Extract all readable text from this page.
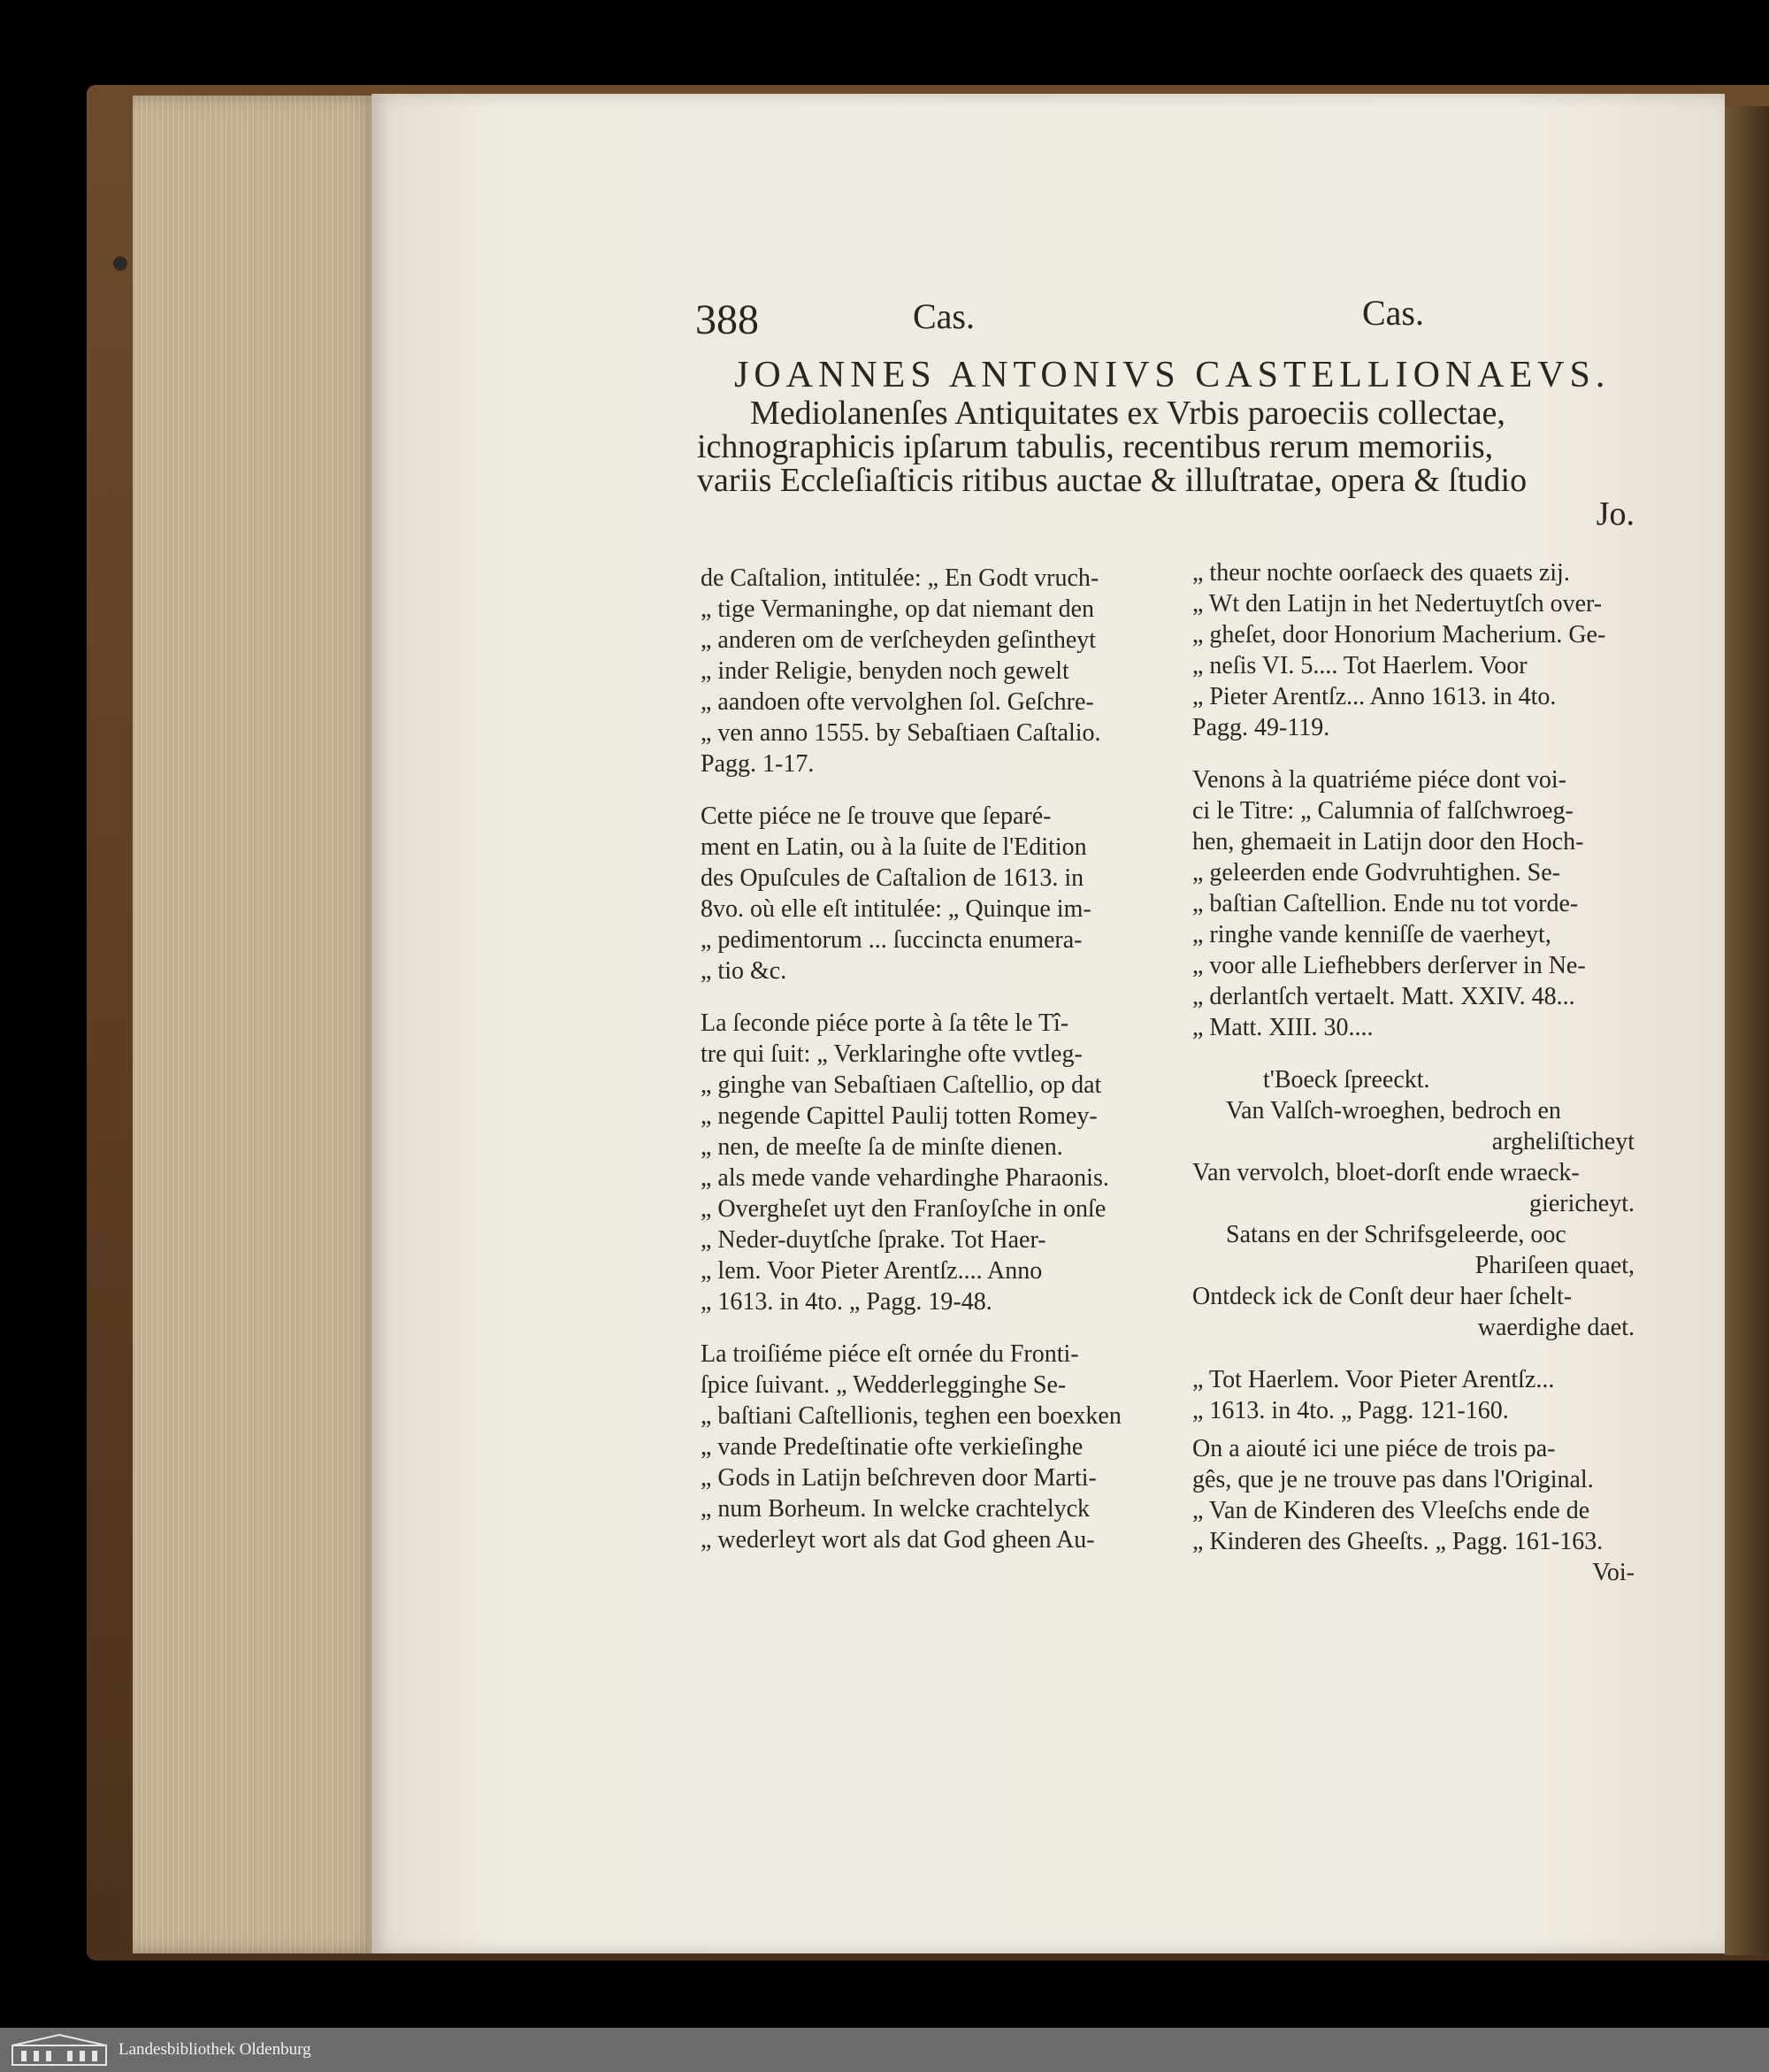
388	Cas.	Cas.
JOANNES ANTONIVS CASTELLIONAEVS.
Mediolanenſes Antiquitates ex Vrbis paroeciis collectae,
ichnographicis ipſarum tabulis, recentibus rerum memoriis,
variis Eccleſiaſticis ritibus auctae & illuſtratae, opera & ſtudio
Jo.
de Caſtalion, intitulée: „ En Godt vruch-
„ tige Vermaninghe, op dat niemant den
„ anderen om de verſcheyden geſintheyt
„ inder Religie, benyden noch gewelt
„ aandoen ofte vervolghen ſol. Geſchre-
„ ven anno 1555. by Sebaſtiaen Caſtalio.
Pagg. 1-17.
Cette piéce ne ſe trouve que ſeparé-
ment en Latin, ou à la ſuite de l'Edition
des Opuſcules de Caſtalion de 1613. in
8vo. où elle eſt intitulée: „ Quinque im-
„ pedimentorum ... ſuccincta enumera-
„ tio &c.
La ſeconde piéce porte à ſa tête le Tî-
tre qui ſuit: „ Verklaringhe ofte vvtleg-
„ ginghe van Sebaſtiaen Caſtellio, op dat
„ negende Capittel Paulij totten Romey-
„ nen, de meeſte ſa de minſte dienen.
„ als mede vande vehardinghe Pharaonis.
„ Overgheſet uyt den Franſoyſche in onſe
„ Neder-duytſche ſprake. Tot Haer-
„ lem. Voor Pieter Arentſz.... Anno
„ 1613. in 4to. „ Pagg. 19-48.
La troiſiéme piéce eſt ornée du Fronti-
ſpice ſuivant. „ Wedderlegginghe Se-
„ baſtiani Caſtellionis, teghen een boexken
„ vande Predeſtinatie ofte verkieſinghe
„ Gods in Latijn beſchreven door Marti-
„ num Borheum. In welcke crachtelyck
„ wederleyt wort als dat God gheen Au-
„ theur nochte oorſaeck des quaets zij.
„ Wt den Latijn in het Nedertuytſch over-
„ gheſet, door Honorium Macherium. Ge-
„ neſis VI. 5.... Tot Haerlem. Voor
„ Pieter Arentſz... Anno 1613. in 4to.
Pagg. 49-119.
Venons à la quatriéme piéce dont voi-
ci le Titre: „ Calumnia of falſchwroeg-
hen, ghemaeit in Latijn door den Hoch-
„ geleerden ende Godvruhtighen. Se-
„ baſtian Caſtellion. Ende nu tot vorde-
„ ringhe vande kenniſſe de vaerheyt,
„ voor alle Liefhebbers derſerver in Ne-
„ derlantſch vertaelt. Matt. XXIV. 48...
„ Matt. XIII. 30....
t'Boeck ſpreeckt.
Van Valſch-wroeghen, bedroch en
argheliſticheyt
Van vervolch, bloet-dorſt ende wraeck-
giericheyt.
Satans en der Schrifsgeleerde, ooc
Phariſeen quaet,
Ontdeck ick de Conſt deur haer ſchelt-
waerdighe daet.
„ Tot Haerlem. Voor Pieter Arentſz...
„ 1613. in 4to. „ Pagg. 121-160.
On a aiouté ici une piéce de trois pa-
gês, que je ne trouve pas dans l'Original.
„ Van de Kinderen des Vleeſchs ende de
„ Kinderen des Gheeſts. „ Pagg. 161-163.
Voi-
Landesbibliothek Oldenburg
